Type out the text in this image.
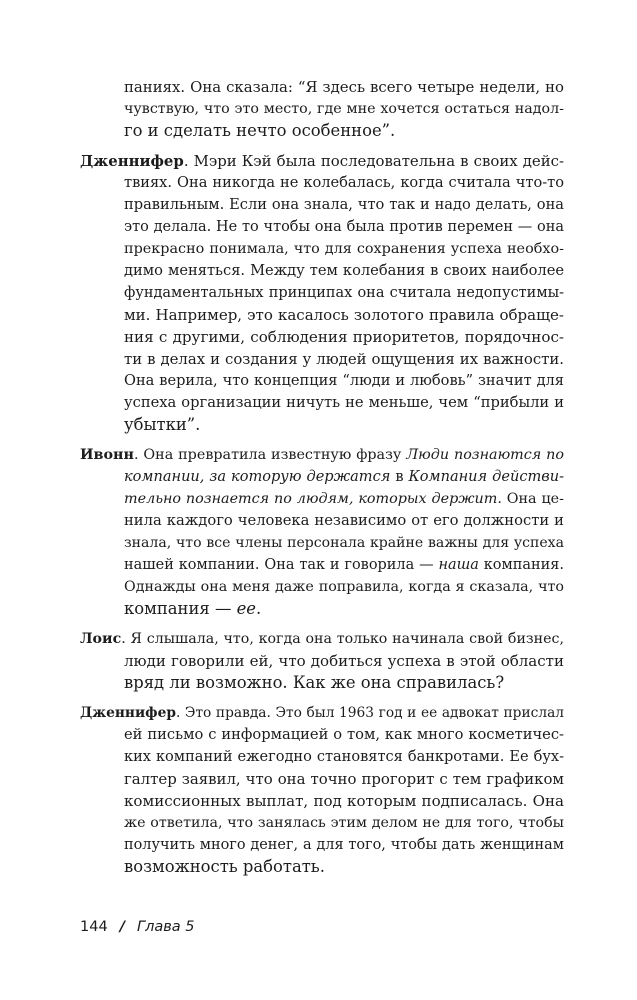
паниях. Она сказала: “Я здесь всего четыре недели, но
чувствую, что это место, где мне хочется остаться надол-
го и сделать нечто особенное”.
Дженнифер. Мэри Кэй была последовательна в своих дейс-
твиях. Она никогда не колебалась, когда считала что-то
правильным. Если она знала, что так и надо делать, она
это делала. Не то чтобы она была против перемен — она
прекрасно понимала, что для сохранения успеха необхо-
димо меняться. Между тем колебания в своих наиболее
фундаментальных принципах она считала недопустимы-
ми. Например, это касалось золотого правила обраще-
ния с другими, соблюдения приоритетов, порядочнос-
ти в делах и создания у людей ощущения их важности.
Она верила, что концепция “люди и любовь” значит для
успеха организации ничуть не меньше, чем “прибыли и
убытки”.
Ивонн. Она превратила известную фразу Люди познаются по
компании, за которую держатся в Компания действи-
тельно познается по людям, которых держит. Она це-
нила каждого человека независимо от его должности и
знала, что все члены персонала крайне важны для успеха
нашей компании. Она так и говорила — наша компания.
Однажды она меня даже поправила, когда я сказала, что
компания — ее.
Лоис. Я слышала, что, когда она только начинала свой бизнес,
люди говорили ей, что добиться успеха в этой области
вряд ли возможно. Как же она справилась?
Дженнифер. Это правда. Это был 1963 год и ее адвокат прислал
ей письмо с информацией о том, как много косметичес-
ких компаний ежегодно становятся банкротами. Ее бух-
галтер заявил, что она точно прогорит с тем графиком
комиссионных выплат, под которым подписалась. Она
же ответила, что занялась этим делом не для того, чтобы
получить много денег, а для того, чтобы дать женщинам
возможность работать.
144 / Глава 5
